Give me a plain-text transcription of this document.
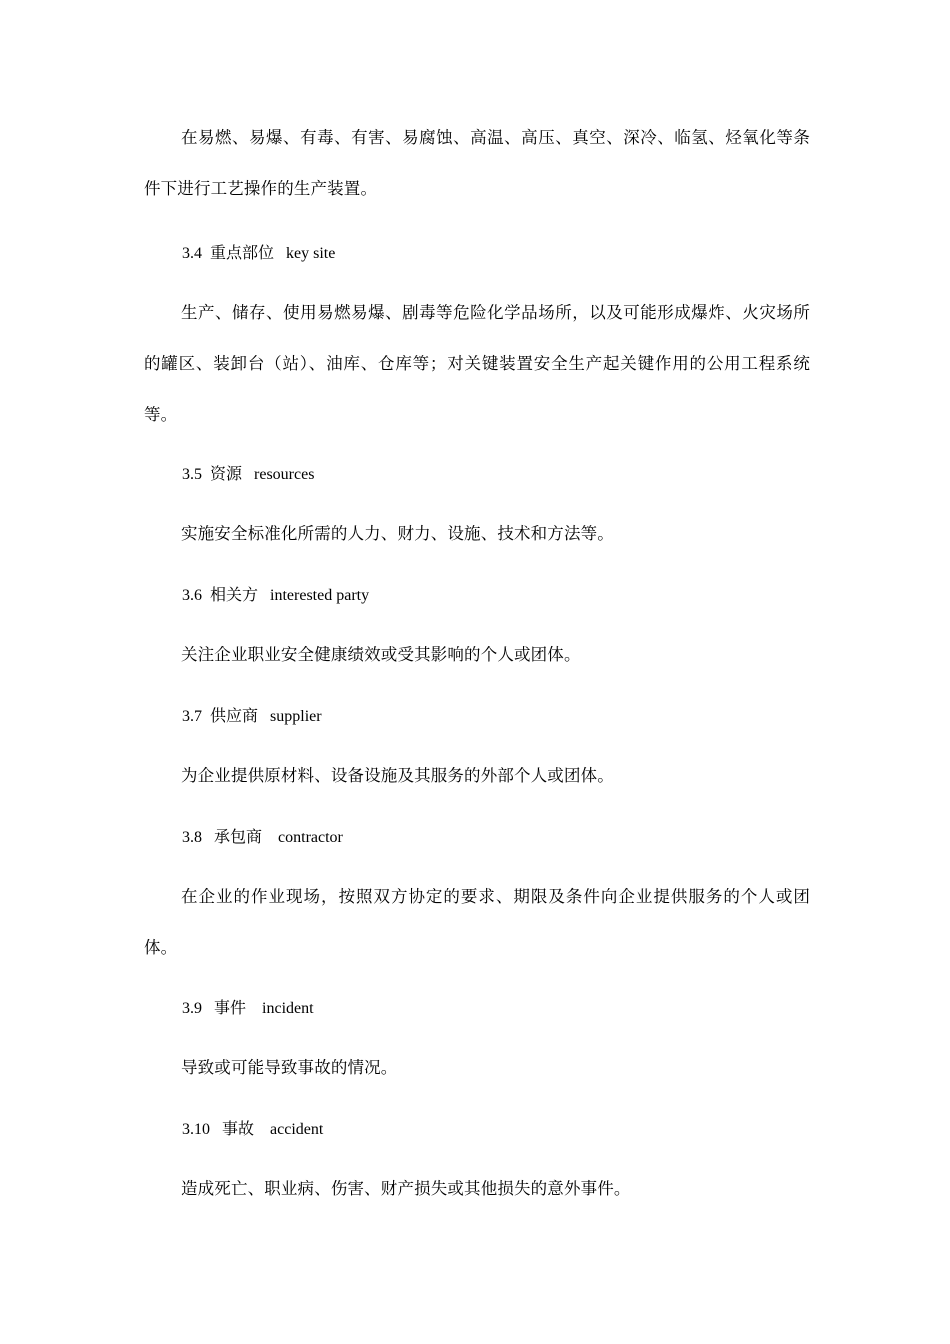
在易燃、易爆、有毒、有害、易腐蚀、高温、高压、真空、深冷、临氢、烃氧化等条件下进行工艺操作的生产装置。

3.4 重点部位 key site

生产、储存、使用易燃易爆、剧毒等危险化学品场所，以及可能形成爆炸、火灾场所的罐区、装卸台（站）、油库、仓库等；对关键装置安全生产起关键作用的公用工程系统等。

3.5 资源 resources

实施安全标准化所需的人力、财力、设施、技术和方法等。

3.6 相关方 interested party

关注企业职业安全健康绩效或受其影响的个人或团体。

3.7 供应商 supplier

为企业提供原材料、设备设施及其服务的外部个人或团体。

3.8 承包商 contractor

在企业的作业现场，按照双方协定的要求、期限及条件向企业提供服务的个人或团体。

3.9 事件 incident

导致或可能导致事故的情况。

3.10 事故 accident

造成死亡、职业病、伤害、财产损失或其他损失的意外事件。
